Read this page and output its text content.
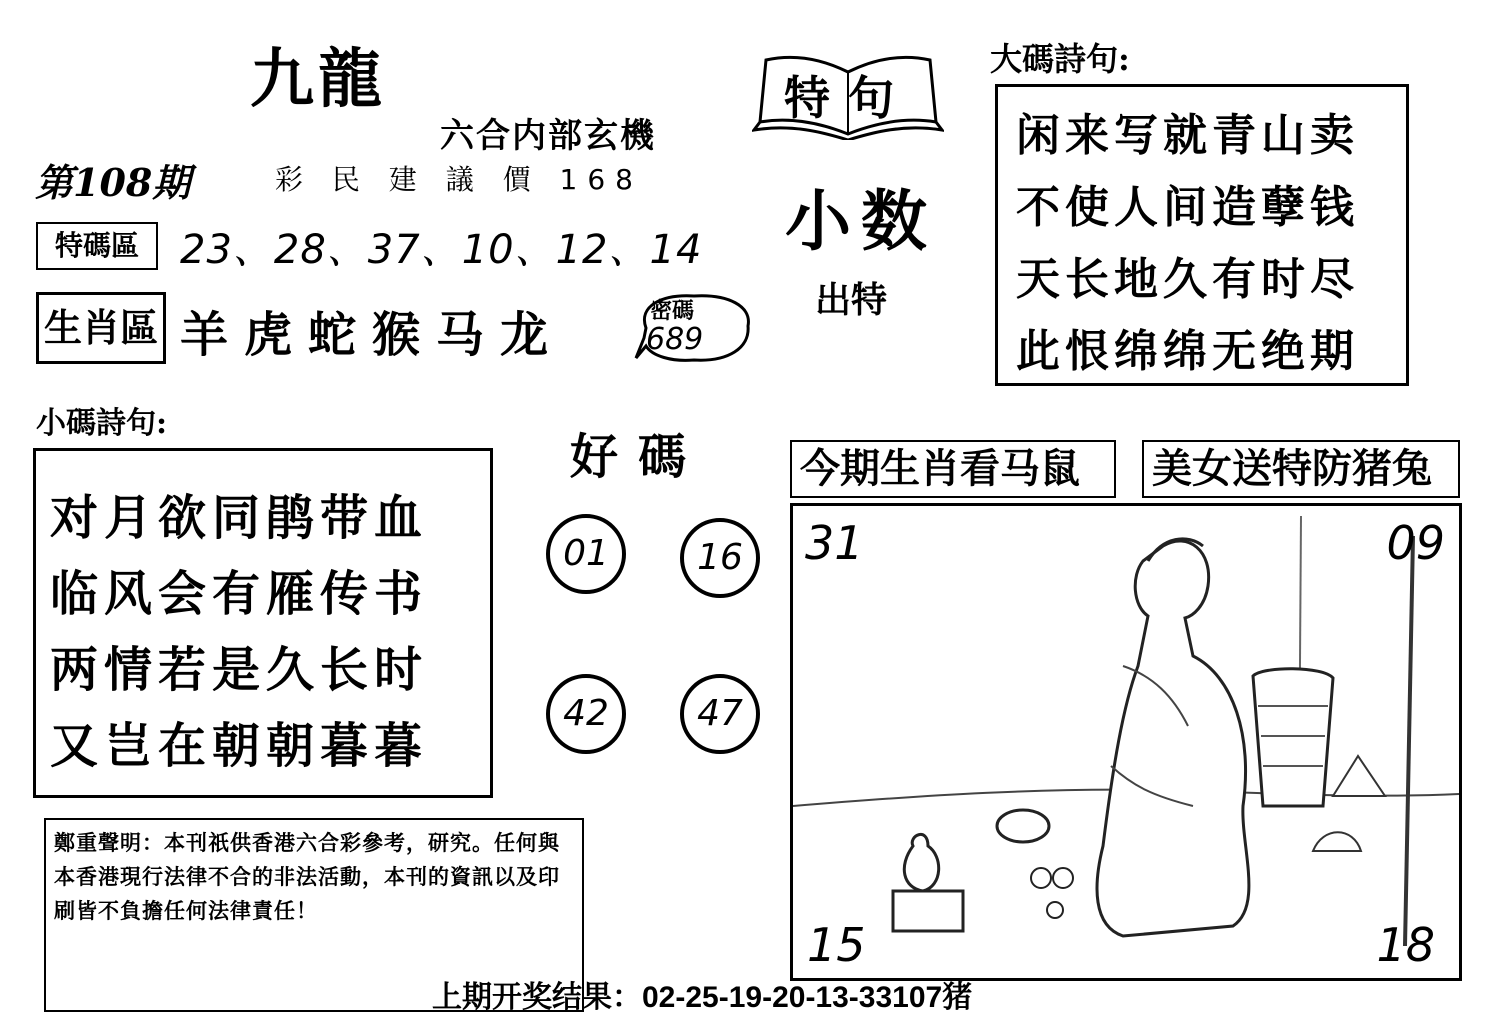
九龍
六合内部玄機
第108期	彩 民 建 議 價 168
特碼區	23、28、37、10、12、14
生肖區 羊虎蛇猴马龙	密碼
689
特句
小数
出特
大碼詩句:
闲来写就青山卖
不使人间造孽钱
天长地久有时尽
此恨绵绵无绝期
小碼詩句:
对月欲同鹃带血
临风会有雁传书
两情若是久长时
又岂在朝朝暮暮
好碼
01	16
42	47
今期生肖看马鼠	美女送特防猪兔
31	09
15	18
鄭重聲明：本刊祇供香港六合彩參考，研究。任何與本香港現行法律不合的非法活動，本刊的資訊以及印刷皆不負擔任何法律責任！
上期开奖结果：02-25-19-20-13-33107猪
